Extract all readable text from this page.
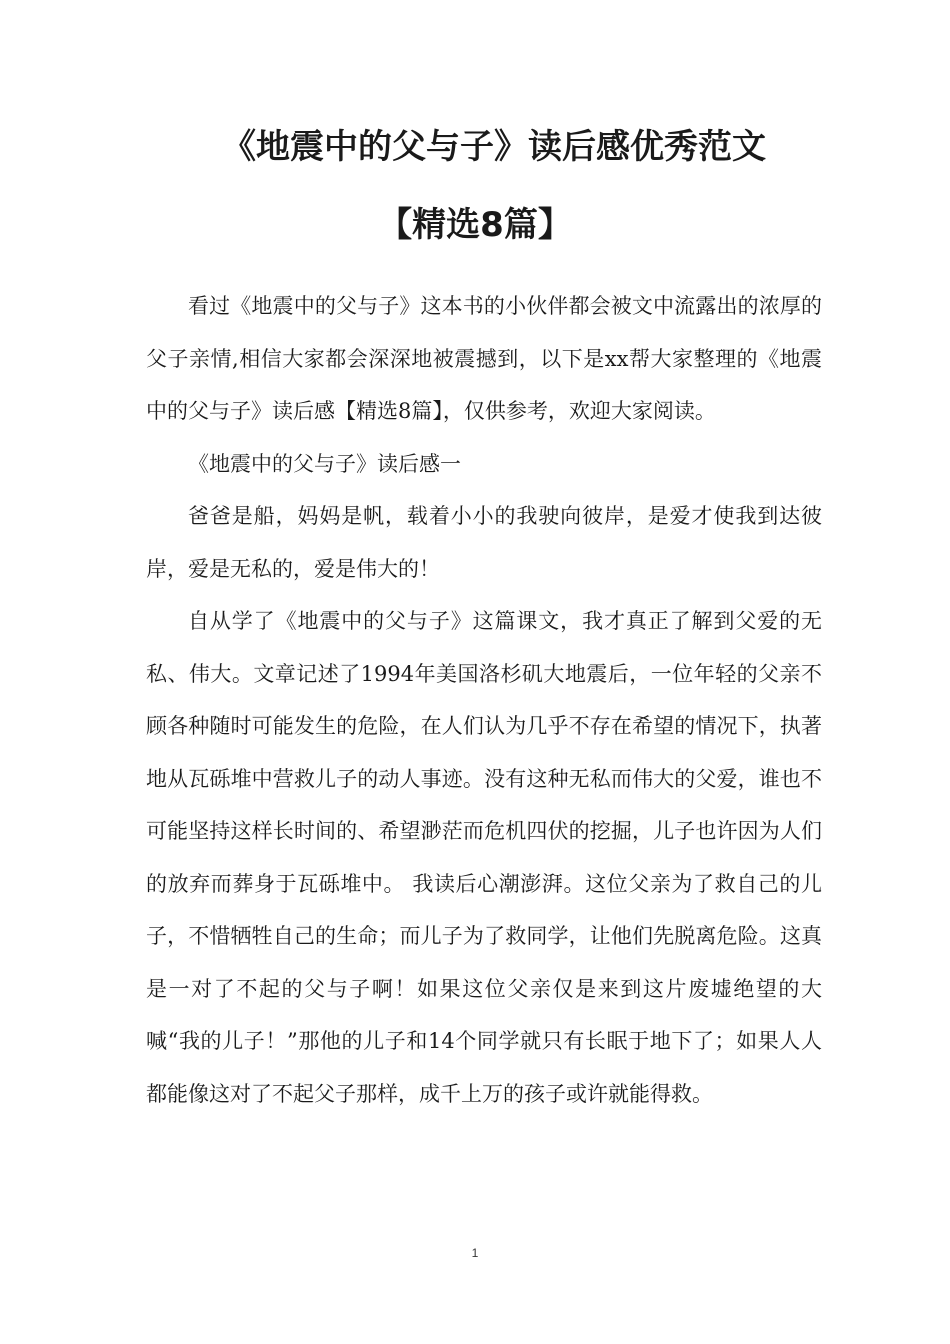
《地震中的父与子》读后感优秀范文
【精选8篇】

看过《地震中的父与子》这本书的小伙伴都会被文中流露出的浓厚的父子亲情,相信大家都会深深地被震撼到，以下是xx帮大家整理的《地震中的父与子》读后感【精选8篇】，仅供参考，欢迎大家阅读。

《地震中的父与子》读后感一

爸爸是船，妈妈是帆，载着小小的我驶向彼岸，是爱才使我到达彼岸，爱是无私的，爱是伟大的！

自从学了《地震中的父与子》这篇课文，我才真正了解到父爱的无私、伟大。文章记述了1994年美国洛杉矶大地震后，一位年轻的父亲不顾各种随时可能发生的危险，在人们认为几乎不存在希望的情况下，执著地从瓦砾堆中营救儿子的动人事迹。没有这种无私而伟大的父爱，谁也不可能坚持这样长时间的、希望渺茫而危机四伏的挖掘，儿子也许因为人们的放弃而葬身于瓦砾堆中。 我读后心潮澎湃。这位父亲为了救自己的儿子，不惜牺牲自己的生命；而儿子为了救同学，让他们先脱离危险。这真是一对了不起的父与子啊！如果这位父亲仅是来到这片废墟绝望的大喊“我的儿子！”那他的儿子和14个同学就只有长眠于地下了；如果人人都能像这对了不起父子那样，成千上万的孩子或许就能得救。

1
